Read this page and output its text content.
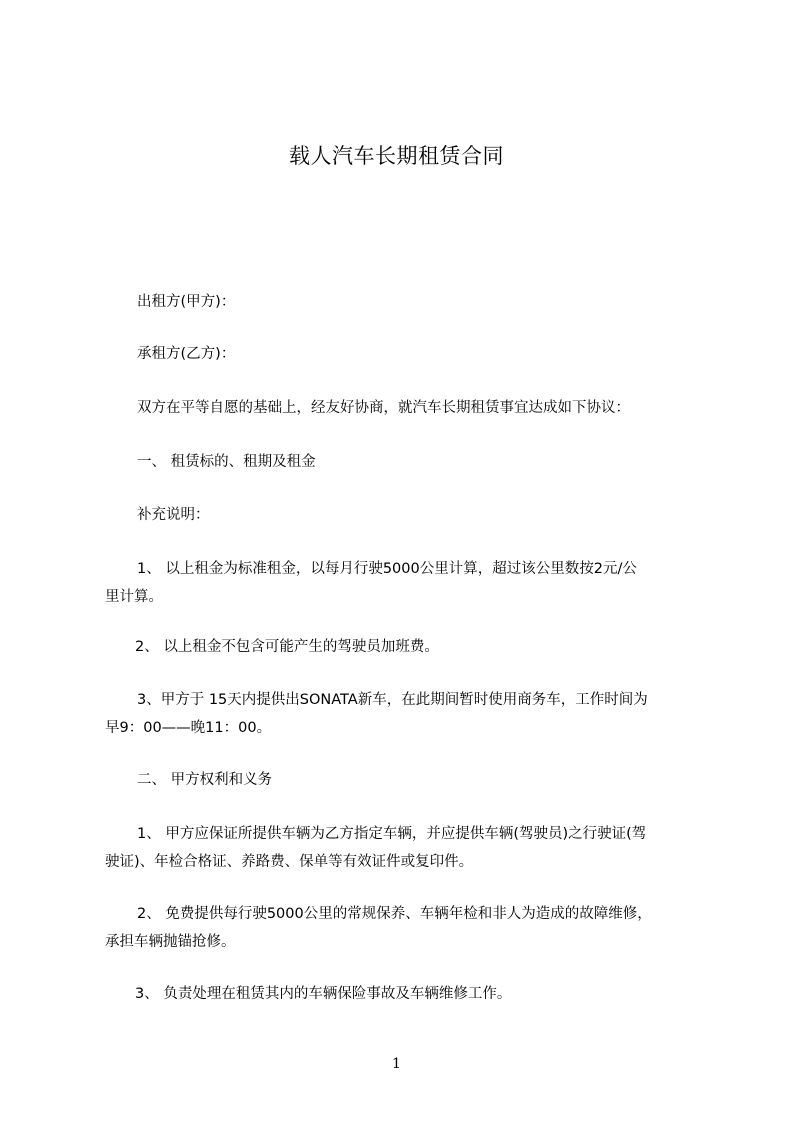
载人汽车长期租赁合同
出租方(甲方)：
承租方(乙方)：
双方在平等自愿的基础上，经友好协商，就汽车长期租赁事宜达成如下协议：
一、 租赁标的、租期及租金
补充说明：
1、 以上租金为标准租金，以每月行驶5000公里计算，超过该公里数按2元/公
里计算。
2、 以上租金不包含可能产生的驾驶员加班费。
3、甲方于 15天内提供出SONATA新车，在此期间暂时使用商务车，工作时间为
早9：00——晚11：00。
二、 甲方权利和义务
1、 甲方应保证所提供车辆为乙方指定车辆，并应提供车辆(驾驶员)之行驶证(驾
驶证)、年检合格证、养路费、保单等有效证件或复印件。
2、 免费提供每行驶5000公里的常规保养、车辆年检和非人为造成的故障维修，
承担车辆抛锚抢修。
3、 负责处理在租赁其内的车辆保险事故及车辆维修工作。
1
